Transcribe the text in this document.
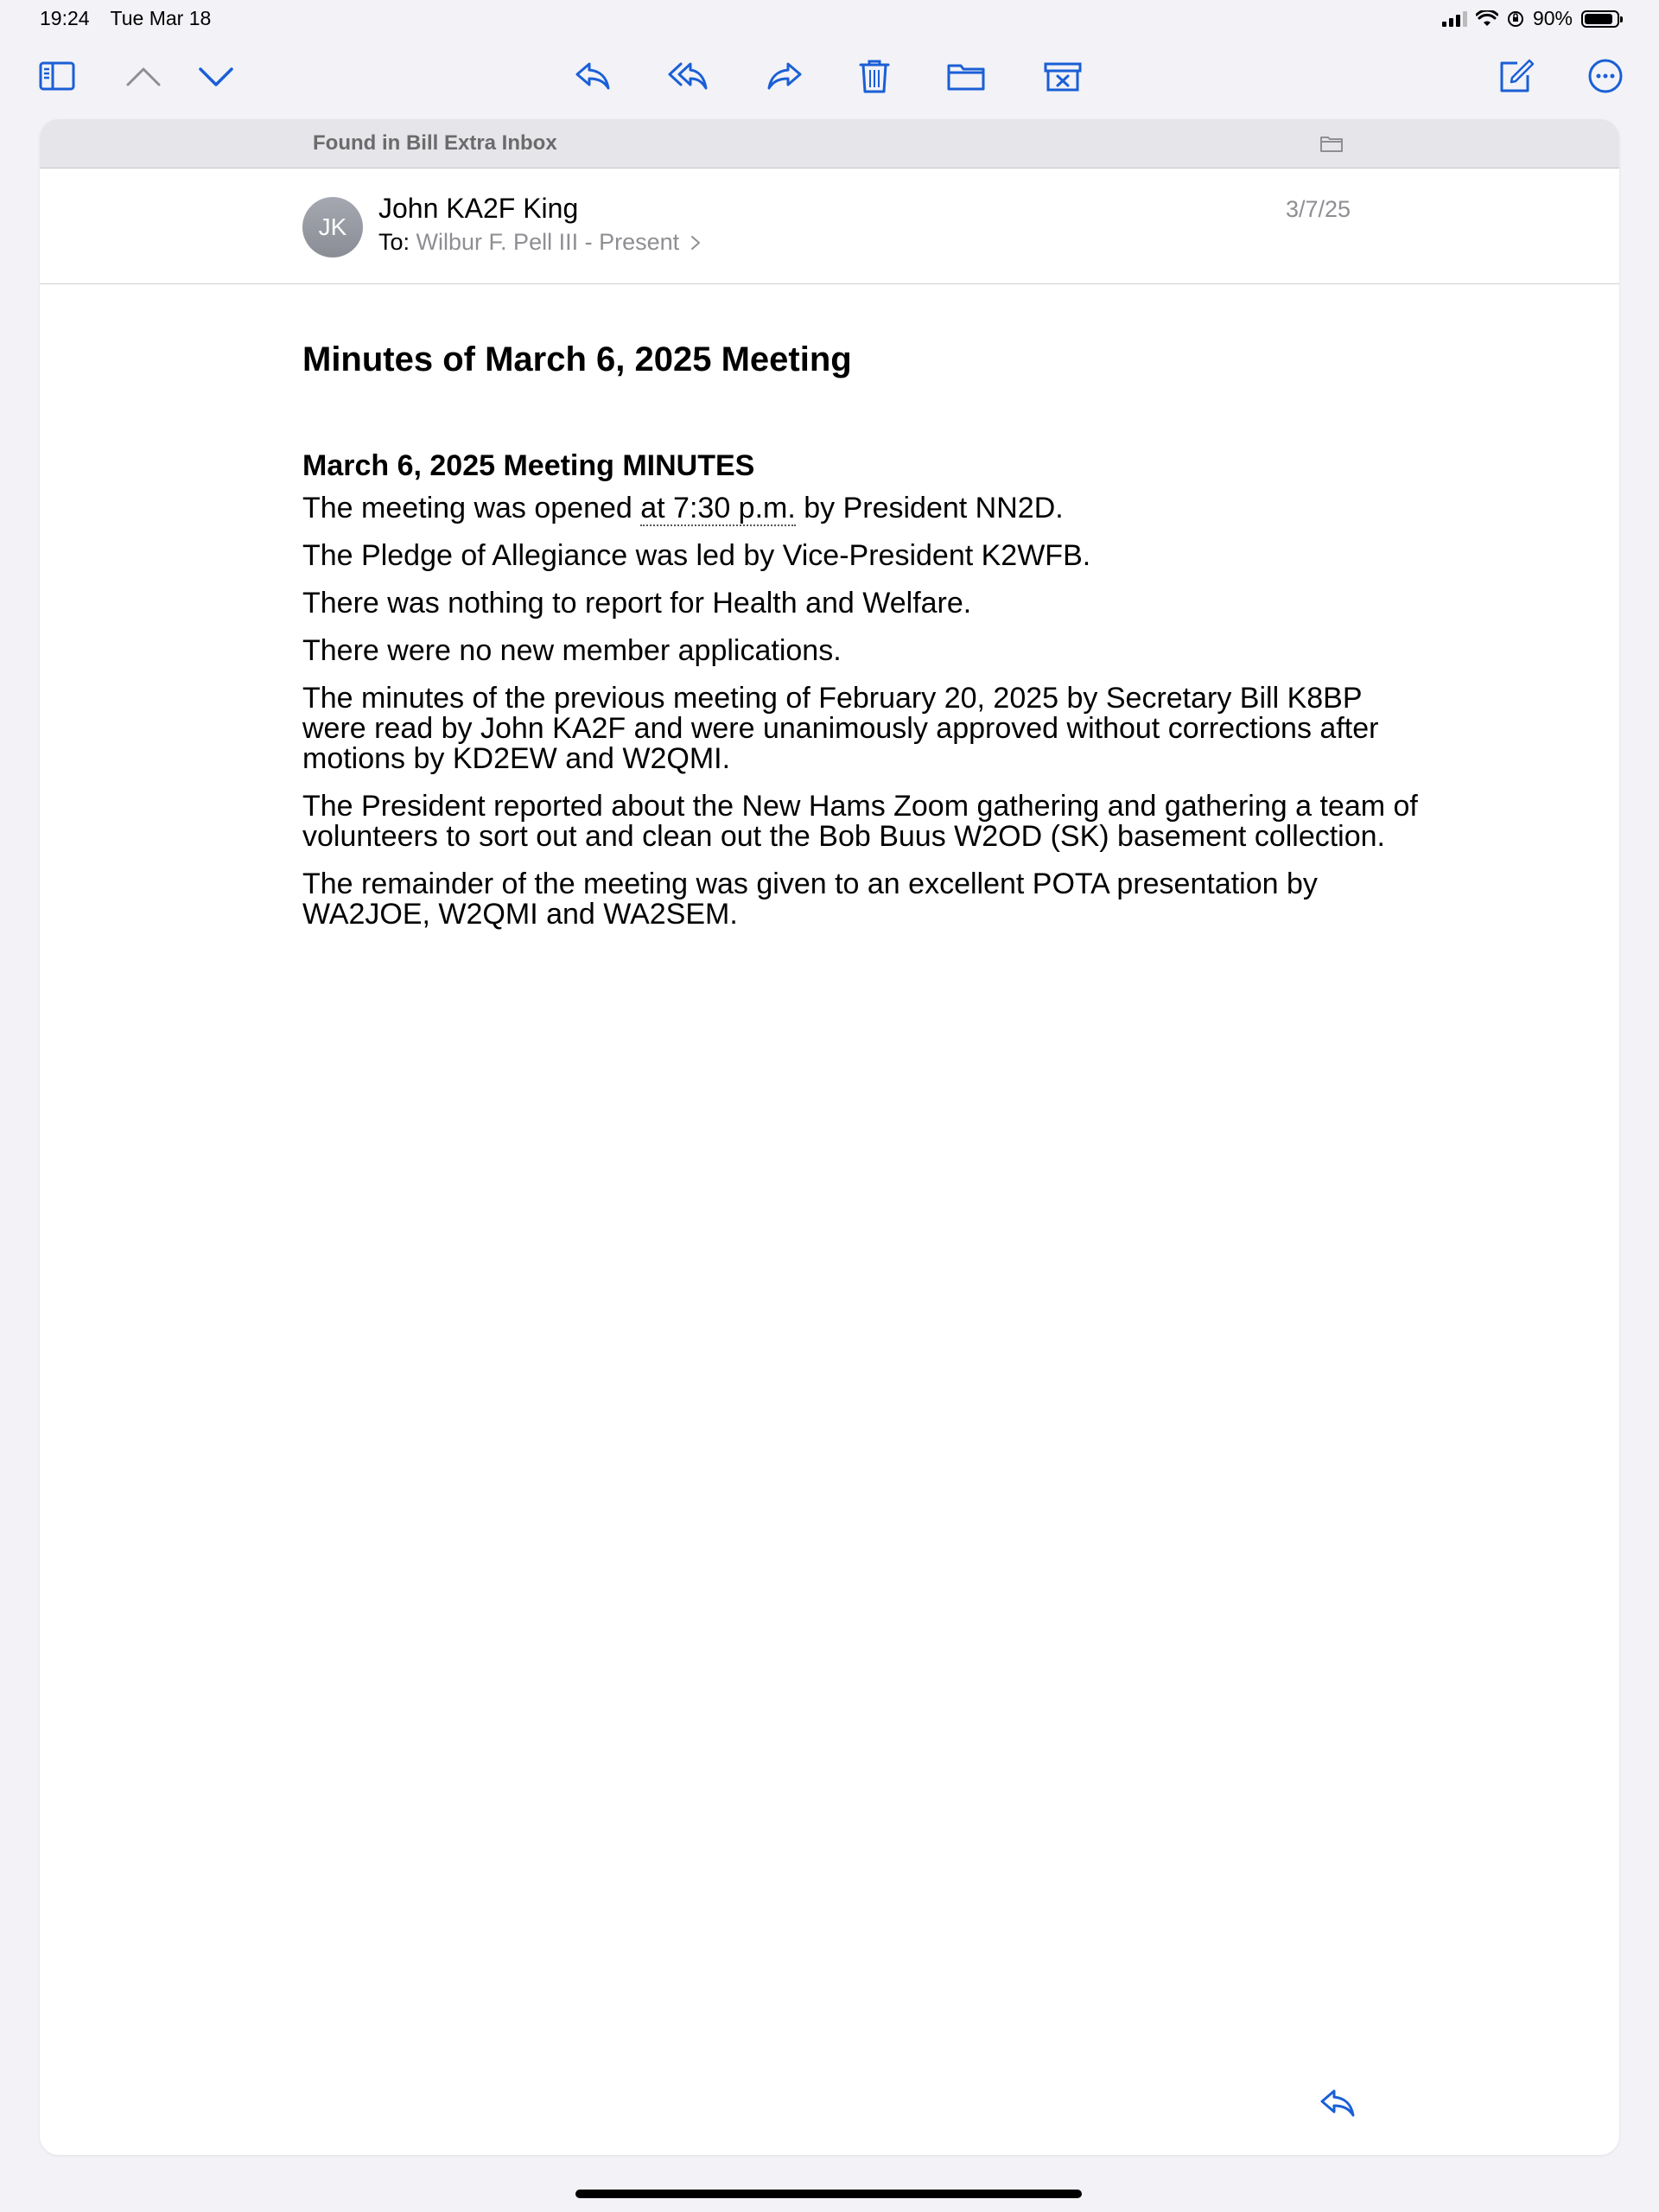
19:24 Tue Mar 18	90%
Found in Bill Extra Inbox
JK
John KA2F King
To: Wilbur F. Pell III - Present
3/7/25
Minutes of March 6, 2025 Meeting

March 6, 2025 Meeting MINUTES

The meeting was opened at 7:30 p.m. by President NN2D.

The Pledge of Allegiance was led by Vice-President K2WFB.

There was nothing to report for Health and Welfare.

There were no new member applications.

The minutes of the previous meeting of February 20, 2025 by Secretary Bill K8BP were read by John KA2F and were unanimously approved without corrections after motions by KD2EW and W2QMI.

The President reported about the New Hams Zoom gathering and gathering a team of volunteers to sort out and clean out the Bob Buus W2OD (SK) basement collection.

The remainder of the meeting was given to an excellent POTA presentation by WA2JOE, W2QMI and WA2SEM.
